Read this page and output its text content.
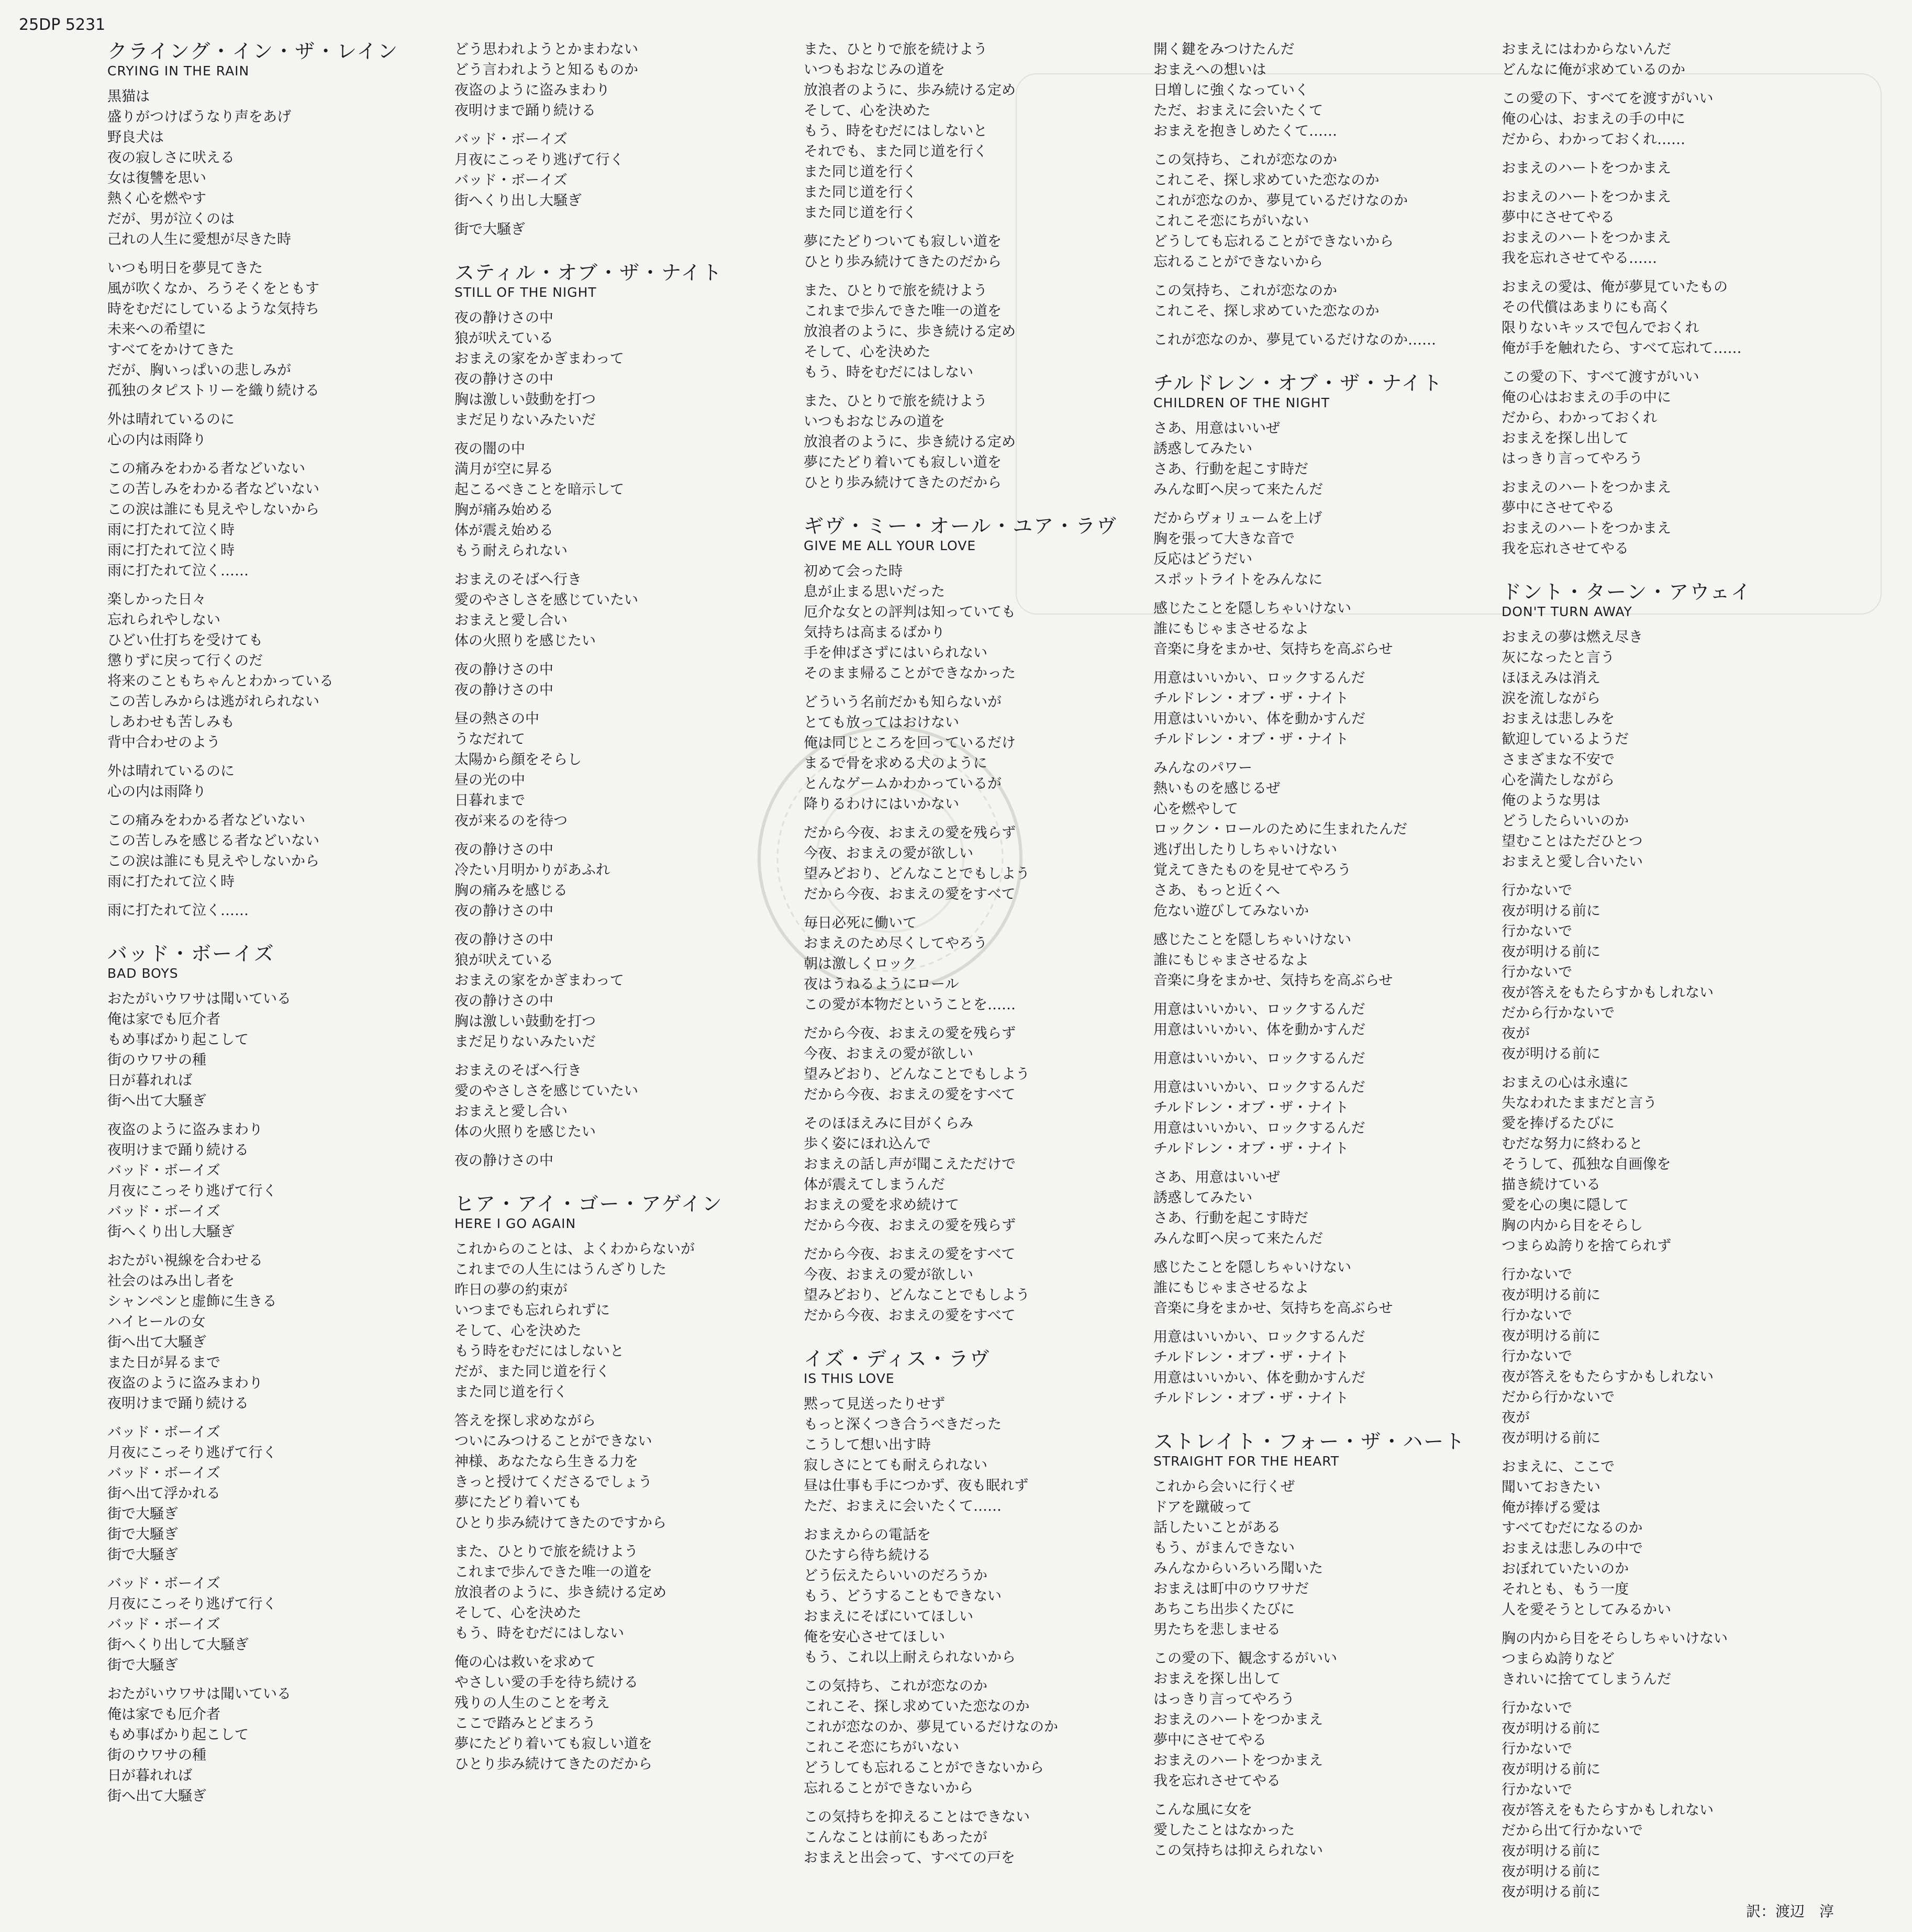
25DP 5231
クライング・イン・ザ・レイン
CRYING IN THE RAIN
黒猫は
盛りがつけばうなり声をあげ
野良犬は
夜の寂しさに吠える
女は復讐を思い
熱く心を燃やす
だが、男が泣くのは
己れの人生に愛想が尽きた時
いつも明日を夢見てきた
風が吹くなか、ろうそくをともす
時をむだにしているような気持ち
未来への希望に
すべてをかけてきた
だが、胸いっぱいの悲しみが
孤独のタピストリーを織り続ける
外は晴れているのに
心の内は雨降り
この痛みをわかる者などいない
この苦しみをわかる者などいない
この涙は誰にも見えやしないから
雨に打たれて泣く時
雨に打たれて泣く時
雨に打たれて泣く……
楽しかった日々
忘れられやしない
ひどい仕打ちを受けても
懲りずに戻って行くのだ
将来のこともちゃんとわかっている
この苦しみからは逃がれられない
しあわせも苦しみも
背中合わせのよう
外は晴れているのに
心の内は雨降り
この痛みをわかる者などいない
この苦しみを感じる者などいない
この涙は誰にも見えやしないから
雨に打たれて泣く時
雨に打たれて泣く……
バッド・ボーイズ
BAD BOYS
おたがいウワサは聞いている
俺は家でも厄介者
もめ事ばかり起こして
街のウワサの種
日が暮れれば
街へ出て大騒ぎ
夜盗のように盗みまわり
夜明けまで踊り続ける
バッド・ボーイズ
月夜にこっそり逃げて行く
バッド・ボーイズ
街へくり出し大騒ぎ
おたがい視線を合わせる
社会のはみ出し者を
シャンペンと虚飾に生きる
ハイヒールの女
街へ出て大騒ぎ
また日が昇るまで
夜盗のように盗みまわり
夜明けまで踊り続ける
バッド・ボーイズ
月夜にこっそり逃げて行く
バッド・ボーイズ
街へ出て浮かれる
街で大騒ぎ
街で大騒ぎ
街で大騒ぎ
バッド・ボーイズ
月夜にこっそり逃げて行く
バッド・ボーイズ
街へくり出して大騒ぎ
街で大騒ぎ
おたがいウワサは聞いている
俺は家でも厄介者
もめ事ばかり起こして
街のウワサの種
日が暮れれば
街へ出て大騒ぎ
どう思われようとかまわない
どう言われようと知るものか
夜盗のように盗みまわり
夜明けまで踊り続ける
バッド・ボーイズ
月夜にこっそり逃げて行く
バッド・ボーイズ
街へくり出し大騒ぎ
街で大騒ぎ
スティル・オブ・ザ・ナイト
STILL OF THE NIGHT
夜の静けさの中
狼が吠えている
おまえの家をかぎまわって
夜の静けさの中
胸は激しい鼓動を打つ
まだ足りないみたいだ
夜の闇の中
満月が空に昇る
起こるべきことを暗示して
胸が痛み始める
体が震え始める
もう耐えられない
おまえのそばへ行き
愛のやさしさを感じていたい
おまえと愛し合い
体の火照りを感じたい
夜の静けさの中
夜の静けさの中
昼の熱さの中
うなだれて
太陽から顔をそらし
昼の光の中
日暮れまで
夜が来るのを待つ
夜の静けさの中
冷たい月明かりがあふれ
胸の痛みを感じる
夜の静けさの中
夜の静けさの中
狼が吠えている
おまえの家をかぎまわって
夜の静けさの中
胸は激しい鼓動を打つ
まだ足りないみたいだ
おまえのそばへ行き
愛のやさしさを感じていたい
おまえと愛し合い
体の火照りを感じたい
夜の静けさの中
ヒア・アイ・ゴー・アゲイン
HERE I GO AGAIN
これからのことは、よくわからないが
これまでの人生にはうんざりした
昨日の夢の約束が
いつまでも忘れられずに
そして、心を決めた
もう時をむだにはしないと
だが、また同じ道を行く
また同じ道を行く
答えを探し求めながら
ついにみつけることができない
神様、あなたなら生きる力を
きっと授けてくださるでしょう
夢にたどり着いても
ひとり歩み続けてきたのですから
また、ひとりで旅を続けよう
これまで歩んできた唯一の道を
放浪者のように、歩き続ける定め
そして、心を決めた
もう、時をむだにはしない
俺の心は救いを求めて
やさしい愛の手を待ち続ける
残りの人生のことを考え
ここで踏みとどまろう
夢にたどり着いても寂しい道を
ひとり歩み続けてきたのだから
また、ひとりで旅を続けよう
いつもおなじみの道を
放浪者のように、歩み続ける定め
そして、心を決めた
もう、時をむだにはしないと
それでも、また同じ道を行く
また同じ道を行く
また同じ道を行く
また同じ道を行く
夢にたどりついても寂しい道を
ひとり歩み続けてきたのだから
また、ひとりで旅を続けよう
これまで歩んできた唯一の道を
放浪者のように、歩き続ける定め
そして、心を決めた
もう、時をむだにはしない
また、ひとりで旅を続けよう
いつもおなじみの道を
放浪者のように、歩き続ける定め
夢にたどり着いても寂しい道を
ひとり歩み続けてきたのだから
ギヴ・ミー・オール・ユア・ラヴ
GIVE ME ALL YOUR LOVE
初めて会った時
息が止まる思いだった
厄介な女との評判は知っていても
気持ちは高まるばかり
手を伸ばさずにはいられない
そのまま帰ることができなかった
どういう名前だかも知らないが
とても放ってはおけない
俺は同じところを回っているだけ
まるで骨を求める犬のように
とんなゲームかわかっているが
降りるわけにはいかない
だから今夜、おまえの愛を残らず
今夜、おまえの愛が欲しい
望みどおり、どんなことでもしよう
だから今夜、おまえの愛をすべて
毎日必死に働いて
おまえのため尽くしてやろう
朝は激しくロック
夜はうねるようにロール
この愛が本物だということを……
だから今夜、おまえの愛を残らず
今夜、おまえの愛が欲しい
望みどおり、どんなことでもしよう
だから今夜、おまえの愛をすべて
そのほほえみに目がくらみ
歩く姿にほれ込んで
おまえの話し声が聞こえただけで
体が震えてしまうんだ
おまえの愛を求め続けて
だから今夜、おまえの愛を残らず
だから今夜、おまえの愛をすべて
今夜、おまえの愛が欲しい
望みどおり、どんなことでもしよう
だから今夜、おまえの愛をすべて
イズ・ディス・ラヴ
IS THIS LOVE
黙って見送ったりせず
もっと深くつき合うべきだった
こうして想い出す時
寂しさにとても耐えられない
昼は仕事も手につかず、夜も眠れず
ただ、おまえに会いたくて……
おまえからの電話を
ひたすら待ち続ける
どう伝えたらいいのだろうか
もう、どうすることもできない
おまえにそばにいてほしい
俺を安心させてほしい
もう、これ以上耐えられないから
この気持ち、これが恋なのか
これこそ、探し求めていた恋なのか
これが恋なのか、夢見ているだけなのか
これこそ恋にちがいない
どうしても忘れることができないから
忘れることができないから
この気持ちを抑えることはできない
こんなことは前にもあったが
おまえと出会って、すべての戸を
開く鍵をみつけたんだ
おまえへの想いは
日増しに強くなっていく
ただ、おまえに会いたくて
おまえを抱きしめたくて……
この気持ち、これが恋なのか
これこそ、探し求めていた恋なのか
これが恋なのか、夢見ているだけなのか
これこそ恋にちがいない
どうしても忘れることができないから
忘れることができないから
この気持ち、これが恋なのか
これこそ、探し求めていた恋なのか
これが恋なのか、夢見ているだけなのか……
チルドレン・オブ・ザ・ナイト
CHILDREN OF THE NIGHT
さあ、用意はいいぜ
誘惑してみたい
さあ、行動を起こす時だ
みんな町へ戻って来たんだ
だからヴォリュームを上げ
胸を張って大きな音で
反応はどうだい
スポットライトをみんなに
感じたことを隠しちゃいけない
誰にもじゃまさせるなよ
音楽に身をまかせ、気持ちを高ぶらせ
用意はいいかい、ロックするんだ
チルドレン・オブ・ザ・ナイト
用意はいいかい、体を動かすんだ
チルドレン・オブ・ザ・ナイト
みんなのパワー
熱いものを感じるぜ
心を燃やして
ロックン・ロールのために生まれたんだ
逃げ出したりしちゃいけない
覚えてきたものを見せてやろう
さあ、もっと近くへ
危ない遊びしてみないか
感じたことを隠しちゃいけない
誰にもじゃまさせるなよ
音楽に身をまかせ、気持ちを高ぶらせ
用意はいいかい、ロックするんだ
用意はいいかい、体を動かすんだ
用意はいいかい、ロックするんだ
用意はいいかい、ロックするんだ
チルドレン・オブ・ザ・ナイト
用意はいいかい、ロックするんだ
チルドレン・オブ・ザ・ナイト
さあ、用意はいいぜ
誘惑してみたい
さあ、行動を起こす時だ
みんな町へ戻って来たんだ
感じたことを隠しちゃいけない
誰にもじゃまさせるなよ
音楽に身をまかせ、気持ちを高ぶらせ
用意はいいかい、ロックするんだ
チルドレン・オブ・ザ・ナイト
用意はいいかい、体を動かすんだ
チルドレン・オブ・ザ・ナイト
ストレイト・フォー・ザ・ハート
STRAIGHT FOR THE HEART
これから会いに行くぜ
ドアを蹴破って
話したいことがある
もう、がまんできない
みんなからいろいろ聞いた
おまえは町中のウワサだ
あちこち出歩くたびに
男たちを悲しませる
この愛の下、観念するがいい
おまえを探し出して
はっきり言ってやろう
おまえのハートをつかまえ
夢中にさせてやる
おまえのハートをつかまえ
我を忘れさせてやる
こんな風に女を
愛したことはなかった
この気持ちは抑えられない
おまえにはわからないんだ
どんなに俺が求めているのか
この愛の下、すべてを渡すがいい
俺の心は、おまえの手の中に
だから、わかっておくれ……
おまえのハートをつかまえ
おまえのハートをつかまえ
夢中にさせてやる
おまえのハートをつかまえ
我を忘れさせてやる……
おまえの愛は、俺が夢見ていたもの
その代償はあまりにも高く
限りないキッスで包んでおくれ
俺が手を触れたら、すべて忘れて……
この愛の下、すべて渡すがいい
俺の心はおまえの手の中に
だから、わかっておくれ
おまえを探し出して
はっきり言ってやろう
おまえのハートをつかまえ
夢中にさせてやる
おまえのハートをつかまえ
我を忘れさせてやる
ドント・ターン・アウェイ
DON'T TURN AWAY
おまえの夢は燃え尽き
灰になったと言う
ほほえみは消え
涙を流しながら
おまえは悲しみを
歓迎しているようだ
さまざまな不安で
心を満たしながら
俺のような男は
どうしたらいいのか
望むことはただひとつ
おまえと愛し合いたい
行かないで
夜が明ける前に
行かないで
夜が明ける前に
行かないで
夜が答えをもたらすかもしれない
だから行かないで
夜が
夜が明ける前に
おまえの心は永遠に
失なわれたままだと言う
愛を捧げるたびに
むだな努力に終わると
そうして、孤独な自画像を
描き続けている
愛を心の奥に隠して
胸の内から目をそらし
つまらぬ誇りを捨てられず
行かないで
夜が明ける前に
行かないで
夜が明ける前に
行かないで
夜が答えをもたらすかもしれない
だから行かないで
夜が
夜が明ける前に
おまえに、ここで
聞いておきたい
俺が捧げる愛は
すべてむだになるのか
おまえは悲しみの中で
おぼれていたいのか
それとも、もう一度
人を愛そうとしてみるかい
胸の内から目をそらしちゃいけない
つまらぬ誇りなど
きれいに捨ててしまうんだ
行かないで
夜が明ける前に
行かないで
夜が明ける前に
行かないで
夜が答えをもたらすかもしれない
だから出て行かないで
夜が明ける前に
夜が明ける前に
夜が明ける前に
訳：渡辺　淳
